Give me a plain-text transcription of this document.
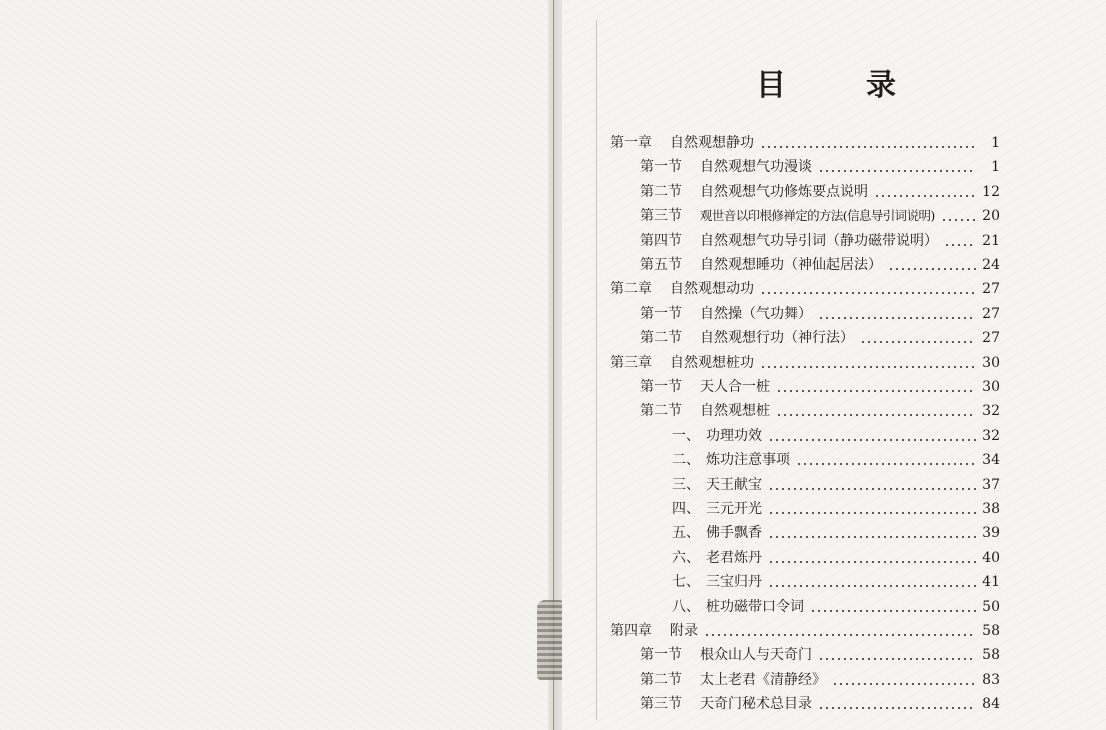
目	录
第一章	自然观想静功	1
第一节	自然观想气功漫谈	1
第二节	自然观想气功修炼要点说明	12
第三节	观世音以印根修禅定的方法(信息导引词说明)	20
第四节	自然观想气功导引词（静功磁带说明）	21
第五节	自然观想睡功（神仙起居法）	24
第二章	自然观想动功	27
第一节	自然操（气功舞）	27
第二节	自然观想行功（神行法）	27
第三章	自然观想桩功	30
第一节	天人合一桩	30
第二节	自然观想桩	32
一、 功理功效	32
二、 炼功注意事项	34
三、 天王献宝	37
四、 三元开光	38
五、 佛手飘香	39
六、 老君炼丹	40
七、 三宝归丹	41
八、 桩功磁带口令词	50
第四章	附录	58
第一节	根众山人与天奇门	58
第二节	太上老君《清静经》	83
第三节	天奇门秘术总目录	84
